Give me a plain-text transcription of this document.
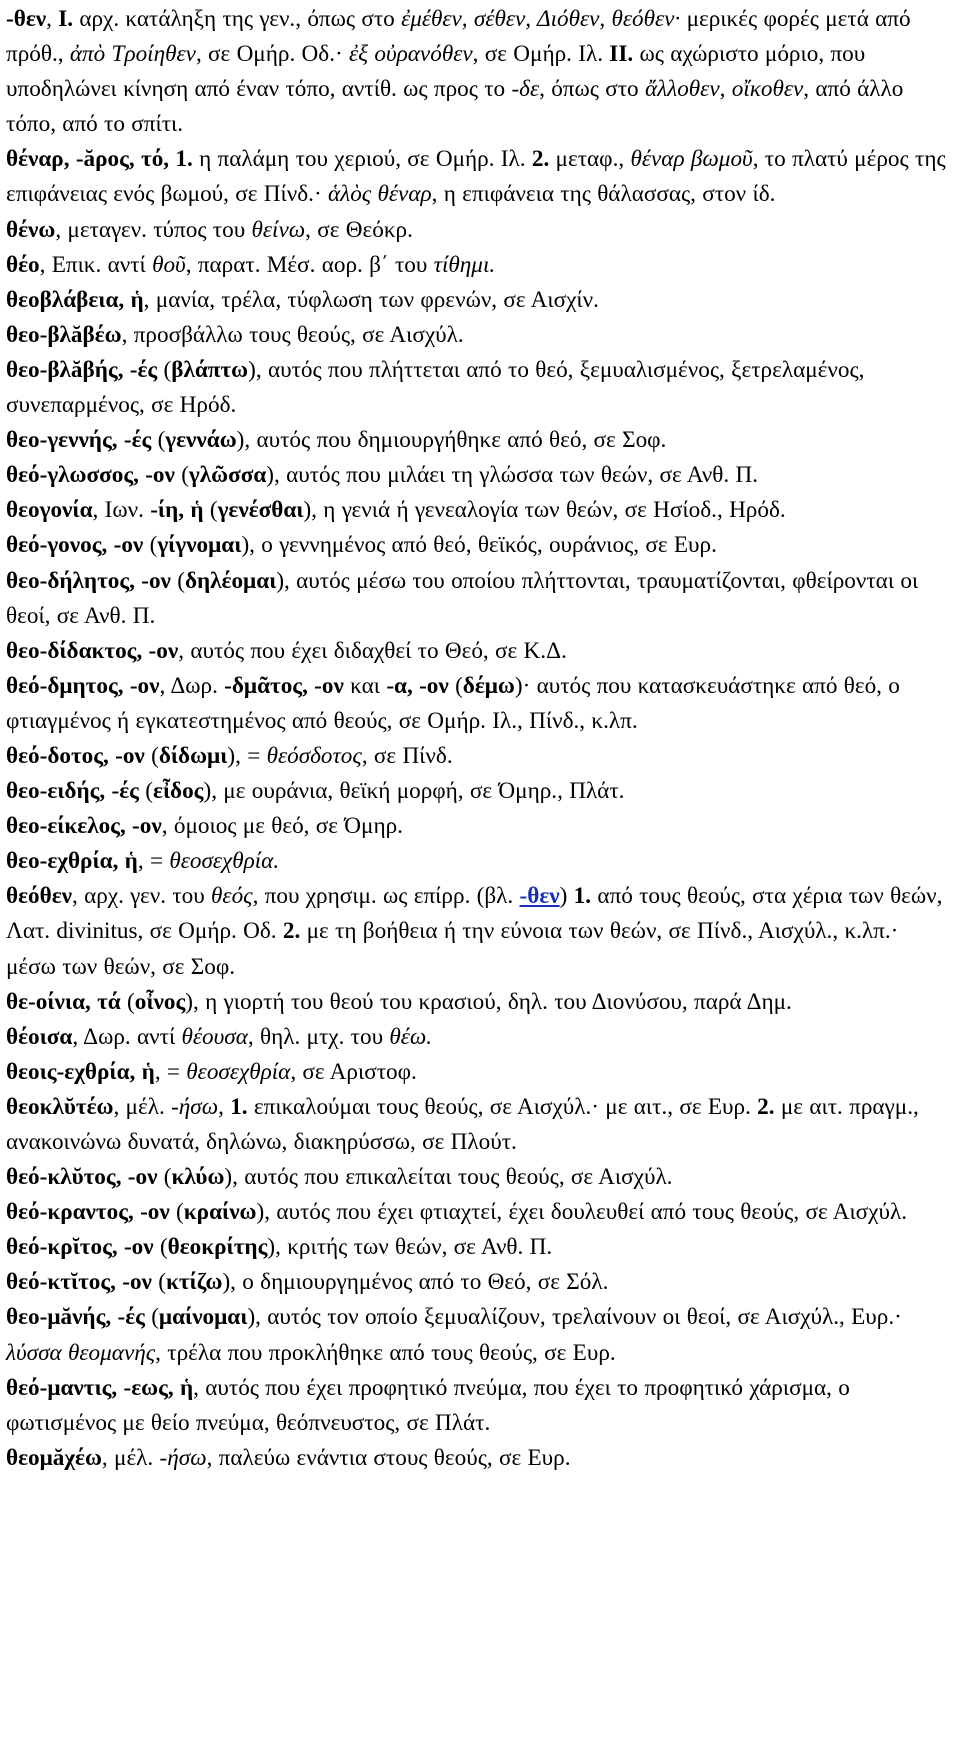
-θεν, I. αρχ. κατάληξη της γεν., όπως στο ἐμέθεν, σέθεν, Διόθεν, θεόθεν· μερικές φορές μετά από πρόθ., ἀπὸ Τροίηθεν, σε Ομήρ. Οδ.· ἐξ οὐρανόθεν, σε Ομήρ. Ιλ. II. ως αχώριστο μόριο, που υποδηλώνει κίνηση από έναν τόπο, αντίθ. ως προς το -δε, όπως στο ἄλλοθεν, οἴκοθεν, από άλλο τόπο, από το σπίτι.

θέναρ, -ăρος, τό, 1. η παλάμη του χεριού, σε Ομήρ. Ιλ. 2. μεταφ., θέναρ βωμοῦ, το πλατύ μέρος της επιφάνειας ενός βωμού, σε Πίνδ.· ἁλὸς θέναρ, η επιφάνεια της θάλασσας, στον ίδ.

θένω, μεταγεν. τύπος του θείνω, σε Θεόκρ.

θέο, Επικ. αντί θοῦ, παρατ. Μέσ. αορ. β΄ του τίθημι.

θεοβλάβεια, ἡ, μανία, τρέλα, τύφλωση των φρενών, σε Αισχίν.

θεο-βλăβέω, προσβάλλω τους θεούς, σε Αισχύλ.

θεο-βλăβής, -ές (βλάπτω), αυτός που πλήττεται από το θεό, ξεμυαλισμένος, ξετρελαμένος, συνεπαρμένος, σε Ηρόδ.

θεο-γεννής, -ές (γεννάω), αυτός που δημιουργήθηκε από θεό, σε Σοφ.

θεό-γλωσσος, -ον (γλῶσσα), αυτός που μιλάει τη γλώσσα των θεών, σε Ανθ. Π.

θεογονία, Ιων. -ίη, ἡ (γενέσθαι), η γενιά ή γενεαλογία των θεών, σε Ησίοδ., Ηρόδ.

θεό-γονος, -ον (γίγνομαι), ο γεννημένος από θεό, θεϊκός, ουράνιος, σε Ευρ.

θεο-δήλητος, -ον (δηλέομαι), αυτός μέσω του οποίου πλήττονται, τραυματίζονται, φθείρονται οι θεοί, σε Ανθ. Π.

θεο-δίδακτος, -ον, αυτός που έχει διδαχθεί το Θεό, σε Κ.Δ.

θεό-δμητος, -ον, Δωρ. -δμᾶτος, -ον και -α, -ον (δέμω)· αυτός που κατασκευάστηκε από θεό, ο φτιαγμένος ή εγκατεστημένος από θεούς, σε Ομήρ. Ιλ., Πίνδ., κ.λπ.

θεό-δοτος, -ον (δίδωμι), = θεόσδοτος, σε Πίνδ.

θεο-ειδής, -ές (εἶδος), με ουράνια, θεϊκή μορφή, σε Όμηρ., Πλάτ.

θεο-είκελος, -ον, όμοιος με θεό, σε Όμηρ.

θεο-εχθρία, ἡ, = θεοσεχθρία.

θεόθεν, αρχ. γεν. του θεός, που χρησιμ. ως επίρρ. (βλ. -θεν) 1. από τους θεούς, στα χέρια των θεών, Λατ. divinitus, σε Ομήρ. Οδ. 2. με τη βοήθεια ή την εύνοια των θεών, σε Πίνδ., Αισχύλ., κ.λπ.· μέσω των θεών, σε Σοφ.

θε-οίνια, τά (οἶνος), η γιορτή του θεού του κρασιού, δηλ. του Διονύσου, παρά Δημ.

θέοισα, Δωρ. αντί θέουσα, θηλ. μτχ. του θέω.

θεοις-εχθρία, ἡ, = θεοσεχθρία, σε Αριστοφ.

θεοκλῠτέω, μέλ. -ήσω, 1. επικαλούμαι τους θεούς, σε Αισχύλ.· με αιτ., σε Ευρ. 2. με αιτ. πραγμ., ανακοινώνω δυνατά, δηλώνω, διακηρύσσω, σε Πλούτ.

θεό-κλῠτος, -ον (κλύω), αυτός που επικαλείται τους θεούς, σε Αισχύλ.

θεό-κραντος, -ον (κραίνω), αυτός που έχει φτιαχτεί, έχει δουλευθεί από τους θεούς, σε Αισχύλ.

θεό-κρῐτος, -ον (θεοκρίτης), κριτής των θεών, σε Ανθ. Π.

θεό-κτῐτος, -ον (κτίζω), ο δημιουργημένος από το Θεό, σε Σόλ.

θεο-μăνής, -ές (μαίνομαι), αυτός τον οποίο ξεμυαλίζουν, τρελαίνουν οι θεοί, σε Αισχύλ., Ευρ.· λύσσα θεομανής, τρέλα που προκλήθηκε από τους θεούς, σε Ευρ.

θεό-μαντις, -εως, ἡ, αυτός που έχει προφητικό πνεύμα, που έχει το προφητικό χάρισμα, ο φωτισμένος με θείο πνεύμα, θεόπνευστος, σε Πλάτ.

θεομăχέω, μέλ. -ήσω, παλεύω ενάντια στους θεούς, σε Ευρ.
